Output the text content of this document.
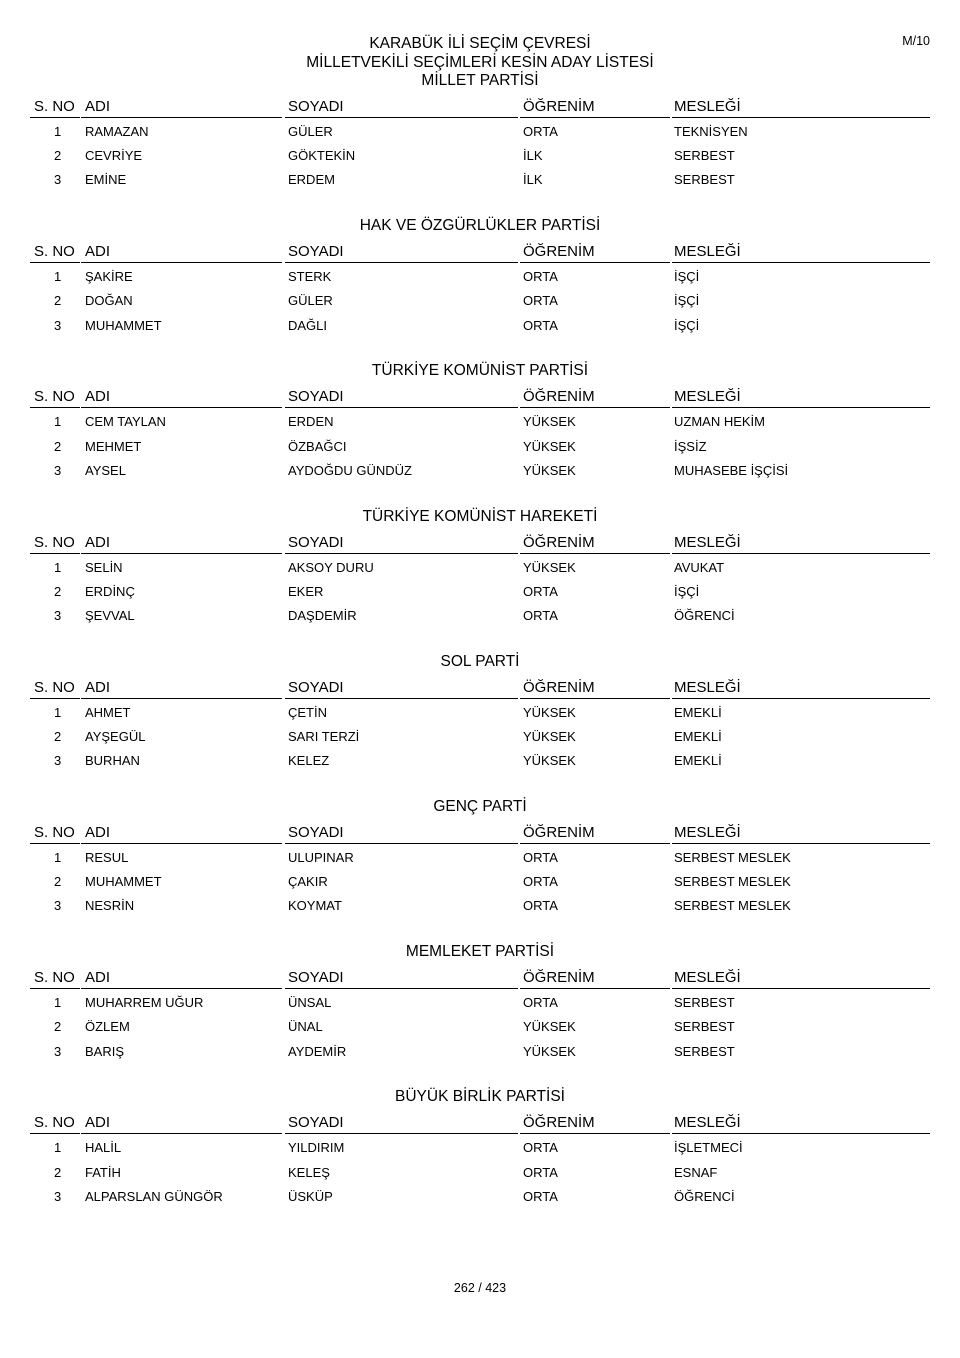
M/10
KARABÜK İLİ SEÇİM ÇEVRESİ
MİLLETVEKİLİ SEÇİMLERİ KESİN ADAY LİSTESİ
MİLLET PARTİSİ
S. NO ADI	SOYADI	ÖĞRENİM	MESLEĞİ
1 RAMAZAN	GÜLER	ORTA	TEKNİSYEN
2 CEVRİYE	GÖKTEKİN	İLK	SERBEST
3 EMİNE	ERDEM	İLK	SERBEST
HAK VE ÖZGÜRLÜKLER PARTİSİ
S. NO ADI	SOYADI	ÖĞRENİM	MESLEĞİ
1 ŞAKİRE	STERK	ORTA	İŞÇİ
2 DOĞAN	GÜLER	ORTA	İŞÇİ
3 MUHAMMET	DAĞLI	ORTA	İŞÇİ
TÜRKİYE KOMÜNİST PARTİSİ
S. NO ADI	SOYADI	ÖĞRENİM	MESLEĞİ
1 CEM TAYLAN	ERDEN	YÜKSEK	UZMAN HEKİM
2 MEHMET	ÖZBAĞCI	YÜKSEK	İŞSİZ
3 AYSEL	AYDOĞDU GÜNDÜZ	YÜKSEK	MUHASEBE İŞÇİSİ
TÜRKİYE KOMÜNİST HAREKETİ
S. NO ADI	SOYADI	ÖĞRENİM	MESLEĞİ
1 SELİN	AKSOY DURU	YÜKSEK	AVUKAT
2 ERDİNÇ	EKER	ORTA	İŞÇİ
3 ŞEVVAL	DAŞDEMİR	ORTA	ÖĞRENCİ
SOL PARTİ
S. NO ADI	SOYADI	ÖĞRENİM	MESLEĞİ
1 AHMET	ÇETİN	YÜKSEK	EMEKLİ
2 AYŞEGÜL	SARI TERZİ	YÜKSEK	EMEKLİ
3 BURHAN	KELEZ	YÜKSEK	EMEKLİ
GENÇ PARTİ
S. NO ADI	SOYADI	ÖĞRENİM	MESLEĞİ
1 RESUL	ULUPINAR	ORTA	SERBEST MESLEK
2 MUHAMMET	ÇAKIR	ORTA	SERBEST MESLEK
3 NESRİN	KOYMAT	ORTA	SERBEST MESLEK
MEMLEKET PARTİSİ
S. NO ADI	SOYADI	ÖĞRENİM	MESLEĞİ
1 MUHARREM UĞUR	ÜNSAL	ORTA	SERBEST
2 ÖZLEM	ÜNAL	YÜKSEK	SERBEST
3 BARIŞ	AYDEMİR	YÜKSEK	SERBEST
BÜYÜK BİRLİK PARTİSİ
S. NO ADI	SOYADI	ÖĞRENİM	MESLEĞİ
1 HALİL	YILDIRIM	ORTA	İŞLETMECİ
2 FATİH	KELEŞ	ORTA	ESNAF
3 ALPARSLAN GÜNGÖR	ÜSKÜP	ORTA	ÖĞRENCİ
262 / 423
